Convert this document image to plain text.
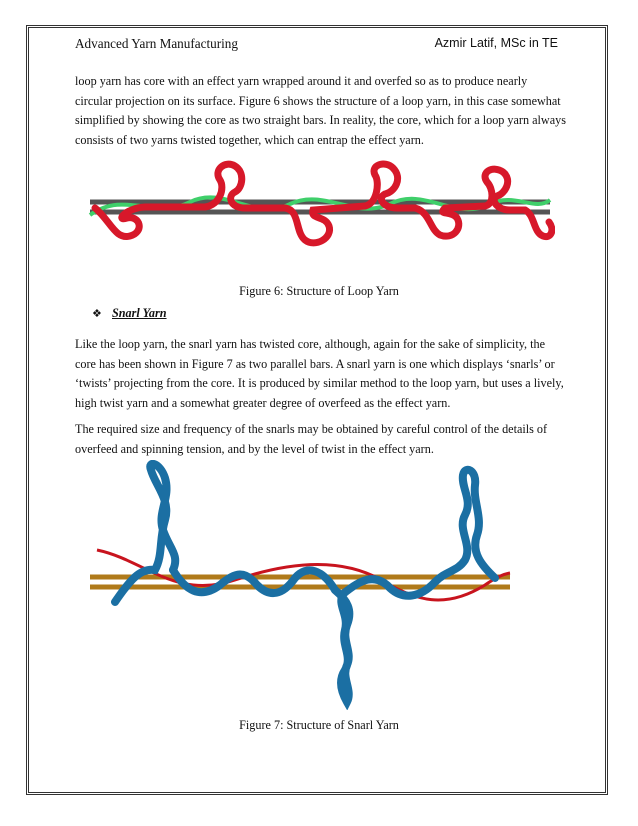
Advanced Yarn Manufacturing	Azmir Latif, MSc in TE

loop yarn has core with an effect yarn wrapped around it and overfed so as to produce nearly circular projection on its surface. Figure 6 shows the structure of a loop yarn, in this case somewhat simplified by showing the core as two straight bars. In reality, the core, which for a loop yarn always consists of two yarns twisted together, which can entrap the effect yarn.

Figure 6: Structure of Loop Yarn
❖ Snarl Yarn

Like the loop yarn, the snarl yarn has twisted core, although, again for the sake of simplicity, the core has been shown in Figure 7 as two parallel bars. A snarl yarn is one which displays ‘snarls’ or ‘twists’ projecting from the core. It is produced by similar method to the loop yarn, but uses a lively, high twist yarn and a somewhat greater degree of overfeed as the effect yarn.

The required size and frequency of the snarls may be obtained by careful control of the details of overfeed and spinning tension, and by the level of twist in the effect yarn.

Figure 7: Structure of Snarl Yarn
